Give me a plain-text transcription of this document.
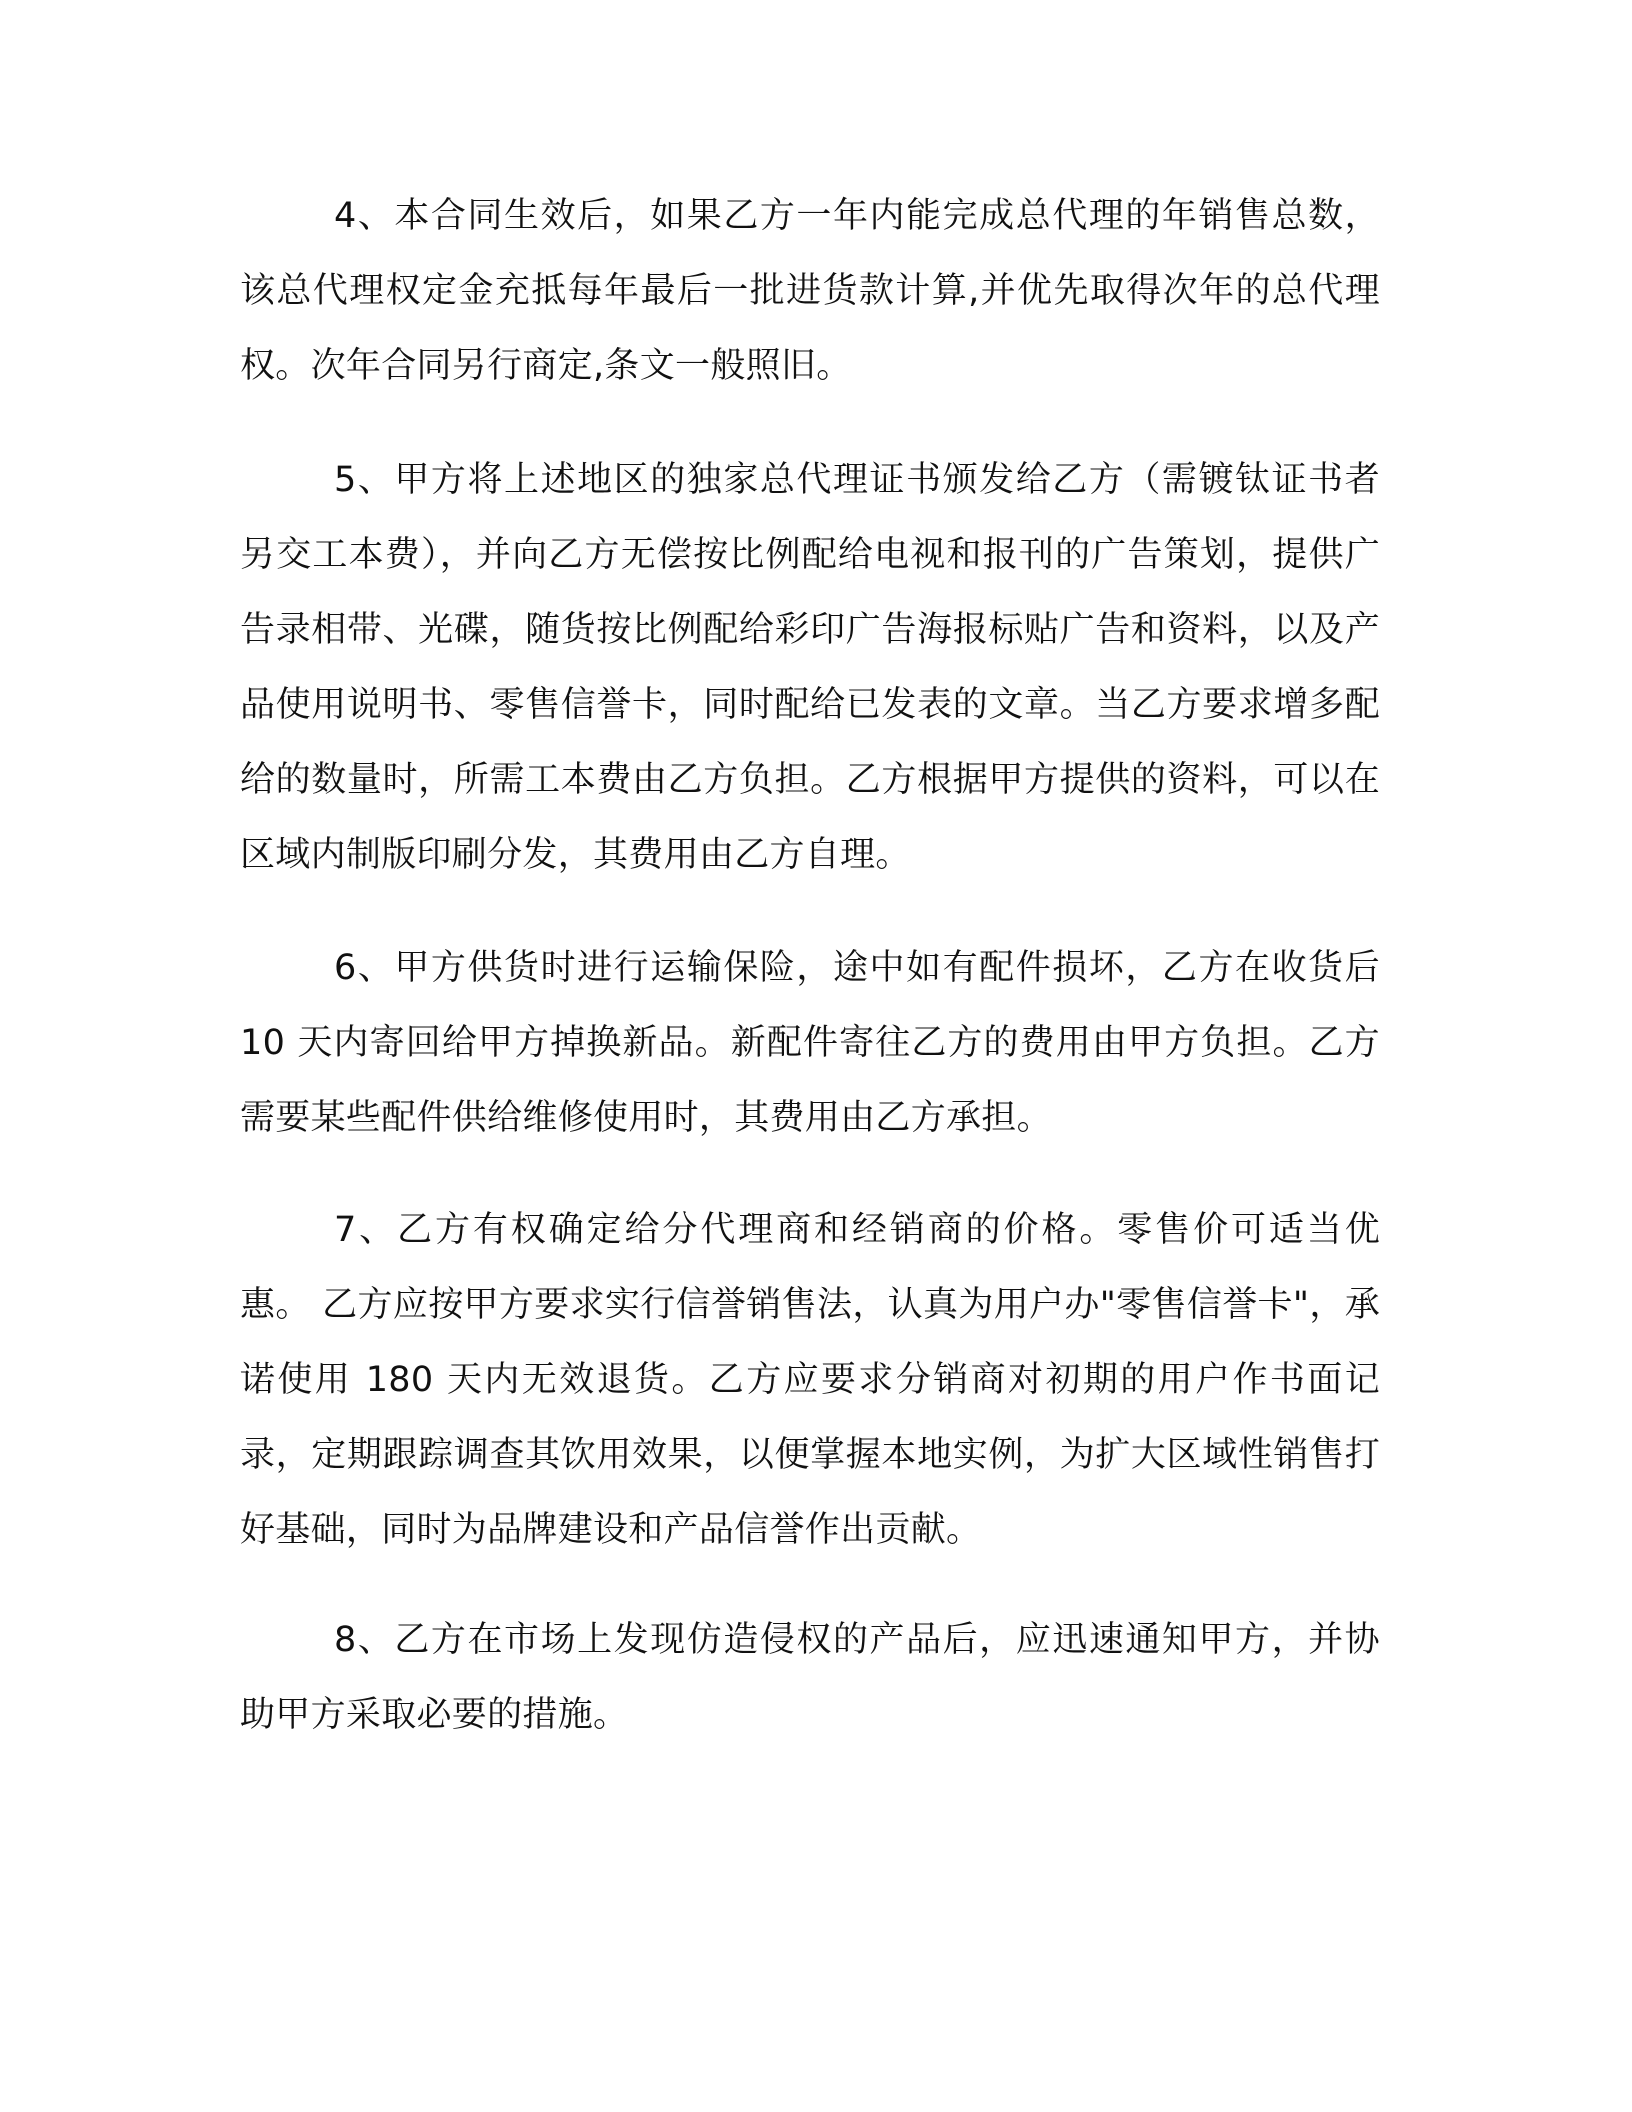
4、本合同生效后，如果乙方一年内能完成总代理的年销售总数，该总代理权定金充抵每年最后一批进货款计算,并优先取得次年的总代理权。次年合同另行商定,条文一般照旧。

5、甲方将上述地区的独家总代理证书颁发给乙方（需镀钛证书者另交工本费），并向乙方无偿按比例配给电视和报刊的广告策划，提供广告录相带、光碟，随货按比例配给彩印广告海报标贴广告和资料，以及产品使用说明书、零售信誉卡，同时配给已发表的文章。当乙方要求增多配给的数量时，所需工本费由乙方负担。乙方根据甲方提供的资料，可以在区域内制版印刷分发，其费用由乙方自理。

6、甲方供货时进行运输保险，途中如有配件损坏，乙方在收货后 10 天内寄回给甲方掉换新品。新配件寄往乙方的费用由甲方负担。乙方需要某些配件供给维修使用时，其费用由乙方承担。

7、乙方有权确定给分代理商和经销商的价格。零售价可适当优惠。 乙方应按甲方要求实行信誉销售法，认真为用户办"零售信誉卡"，承诺使用 180 天内无效退货。乙方应要求分销商对初期的用户作书面记录，定期跟踪调查其饮用效果，以便掌握本地实例，为扩大区域性销售打好基础，同时为品牌建设和产品信誉作出贡献。

8、乙方在市场上发现仿造侵权的产品后，应迅速通知甲方，并协助甲方采取必要的措施。
